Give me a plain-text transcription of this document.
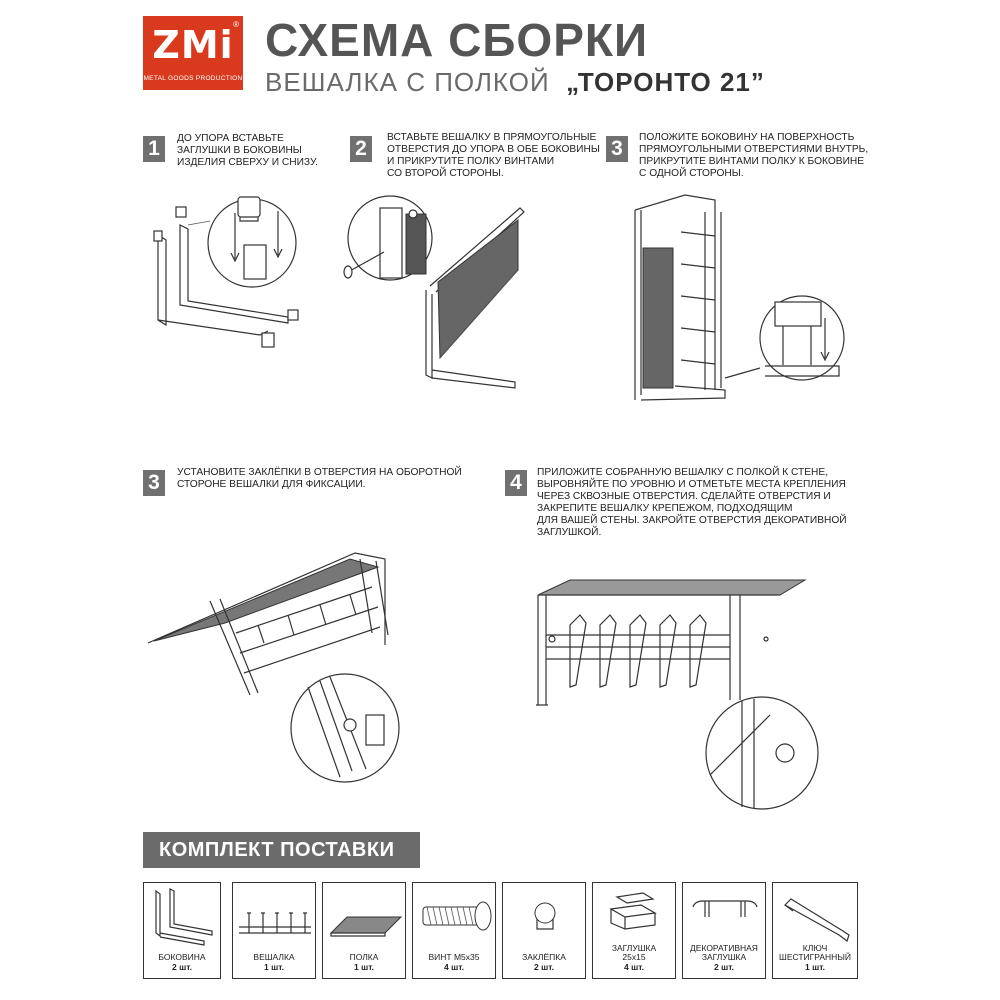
ZMi ®
METAL GOODS PRODUCTION
СХЕМА СБОРКИ
ВЕШАЛКА С ПОЛКОЙ „ТОРОНТО 21”
1	ДО УПОРА ВСТАВЬТЕ
ЗАГЛУШКИ В БОКОВИНЫ
ИЗДЕЛИЯ СВЕРХУ И СНИЗУ.
2	ВСТАВЬТЕ ВЕШАЛКУ В ПРЯМОУГОЛЬНЫЕ
ОТВЕРСТИЯ ДО УПОРА В ОБЕ БОКОВИНЫ
И ПРИКРУТИТЕ ПОЛКУ ВИНТАМИ
СО ВТОРОЙ СТОРОНЫ.
3	ПОЛОЖИТЕ БОКОВИНУ НА ПОВЕРХНОСТЬ
ПРЯМОУГОЛЬНЫМИ ОТВЕРСТИЯМИ ВНУТРЬ,
ПРИКРУТИТЕ ВИНТАМИ ПОЛКУ К БОКОВИНЕ
С ОДНОЙ СТОРОНЫ.
3	УСТАНОВИТЕ ЗАКЛЁПКИ В ОТВЕРСТИЯ НА ОБОРОТНОЙ
СТОРОНЕ ВЕШАЛКИ ДЛЯ ФИКСАЦИИ.	4	ПРИЛОЖИТЕ СОБРАННУЮ ВЕШАЛКУ С ПОЛКОЙ К СТЕНЕ,
ВЫРОВНЯЙТЕ ПО УРОВНЮ И ОТМЕТЬТЕ МЕСТА КРЕПЛЕНИЯ
ЧЕРЕЗ СКВОЗНЫЕ ОТВЕРСТИЯ. СДЕЛАЙТЕ ОТВЕРСТИЯ И
ЗАКРЕПИТЕ ВЕШАЛКУ КРЕПЕЖОМ, ПОДХОДЯЩИМ
ДЛЯ ВАШЕЙ СТЕНЫ. ЗАКРОЙТЕ ОТВЕРСТИЯ ДЕКОРАТИВНОЙ
ЗАГЛУШКОЙ.
КОМПЛЕКТ ПОСТАВКИ
БОКОВИНА
2 шт.
ВЕШАЛКА
1 шт.
ПОЛКА
1 шт.
ВИНТ М5х35
4 шт.
ЗАКЛЁПКА
2 шт.
ЗАГЛУШКА
25х15
4 шт.
ДЕКОРАТИВНАЯ
ЗАГЛУШКА
2 шт.
КЛЮЧ
ШЕСТИГРАННЫЙ
1 шт.
